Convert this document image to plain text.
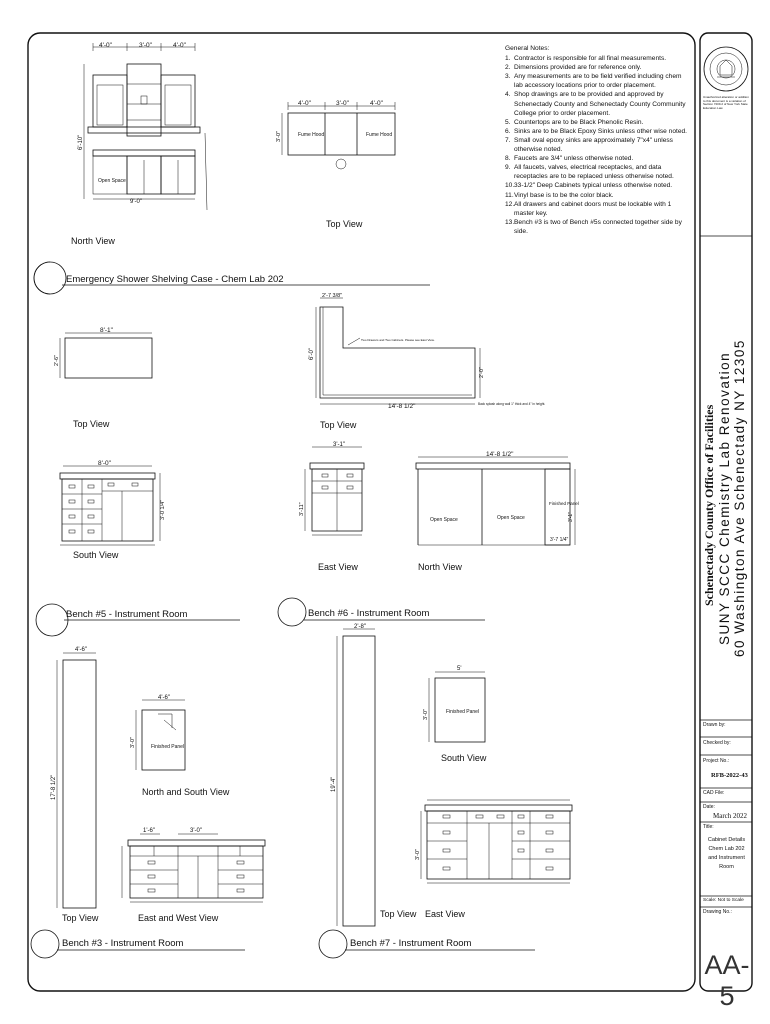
4'-0"	3'-0"	4'-0"
6'-10"
Open Space
9'-0"
North View
4'-0"	3'-0"	4'-0"
3'-0"	Fume Hood	Fume Hood
Top View
Emergency Shower Shelving Case - Chem Lab 202
8'-1"
2'-6"
Top View
8'-0"
3'-0 1/4"
South View
Bench #5 - Instrument Room
2'-7 3/8"
6'-0"
14'-8 1/2"
2'-0"
Two Drawers and Two Cabinets. Please see East View.
Back splash along wall 1" thick and 4" in height.
Top View
3'-1"
3'-11"
East View
14'-8 1/2"
Open Space	Open Space
Finished Panel
3'-7 1/4"
3'-1"
North View
Bench #6 - Instrument Room
4'-6"
17'-8 1/2"
Top View
4'-6"
3'-0"	Finished Panel
North and South View
1'-6"	3'-0"
East and West View
Bench #3 - Instrument Room
2'-8"
19'-4"
Top View
5'
3'-0"	Finished Panel
South View
3'-0"
East View
Bench #7 - Instrument Room
General Notes:
1. Contractor is responsible for all final measurements.
2. Dimensions provided are for reference only.
3. Any measurements are to be field verified including chem lab accessory locations prior to order placement.
4. Shop drawings are to be provided and approved by Schenectady County and Schenectady County Community College prior to order placement.
5. Countertops are to be Black Phenolic Resin.
6. Sinks are to be Black Epoxy Sinks unless other wise noted.
7. Small oval epoxy sinks are approximately 7"x4" unless otherwise noted.
8. Faucets are 3/4" unless otherwise noted.
9. All faucets, valves, electrical receptacles, and data receptacles are to be replaced unless otherwise noted.
10. 33-1/2" Deep Cabinets typical unless otherwise noted.
11. Vinyl base is to be the color black.
12. All drawers and cabinet doors must be lockable with 1 master key.
13. Bench #3 is two of Bench #5s connected together side by side.
Unauthorized alteration or addition to this document is a violation of Section 7209.2 of New York State Education Law
Schenectady County Office of Facilities SUNY SCCC Chemistry Lab Renovation 60 Washington Ave Schenectady NY 12305
Drawn by:
Checked by:
Project No.:
RFB-2022-43
CAD File:
Date:
March 2022
Title:
Cabinet Details Chem Lab 202 and Instrument Room
Scale: Not to Scale
Drawing No.:
AA-5
